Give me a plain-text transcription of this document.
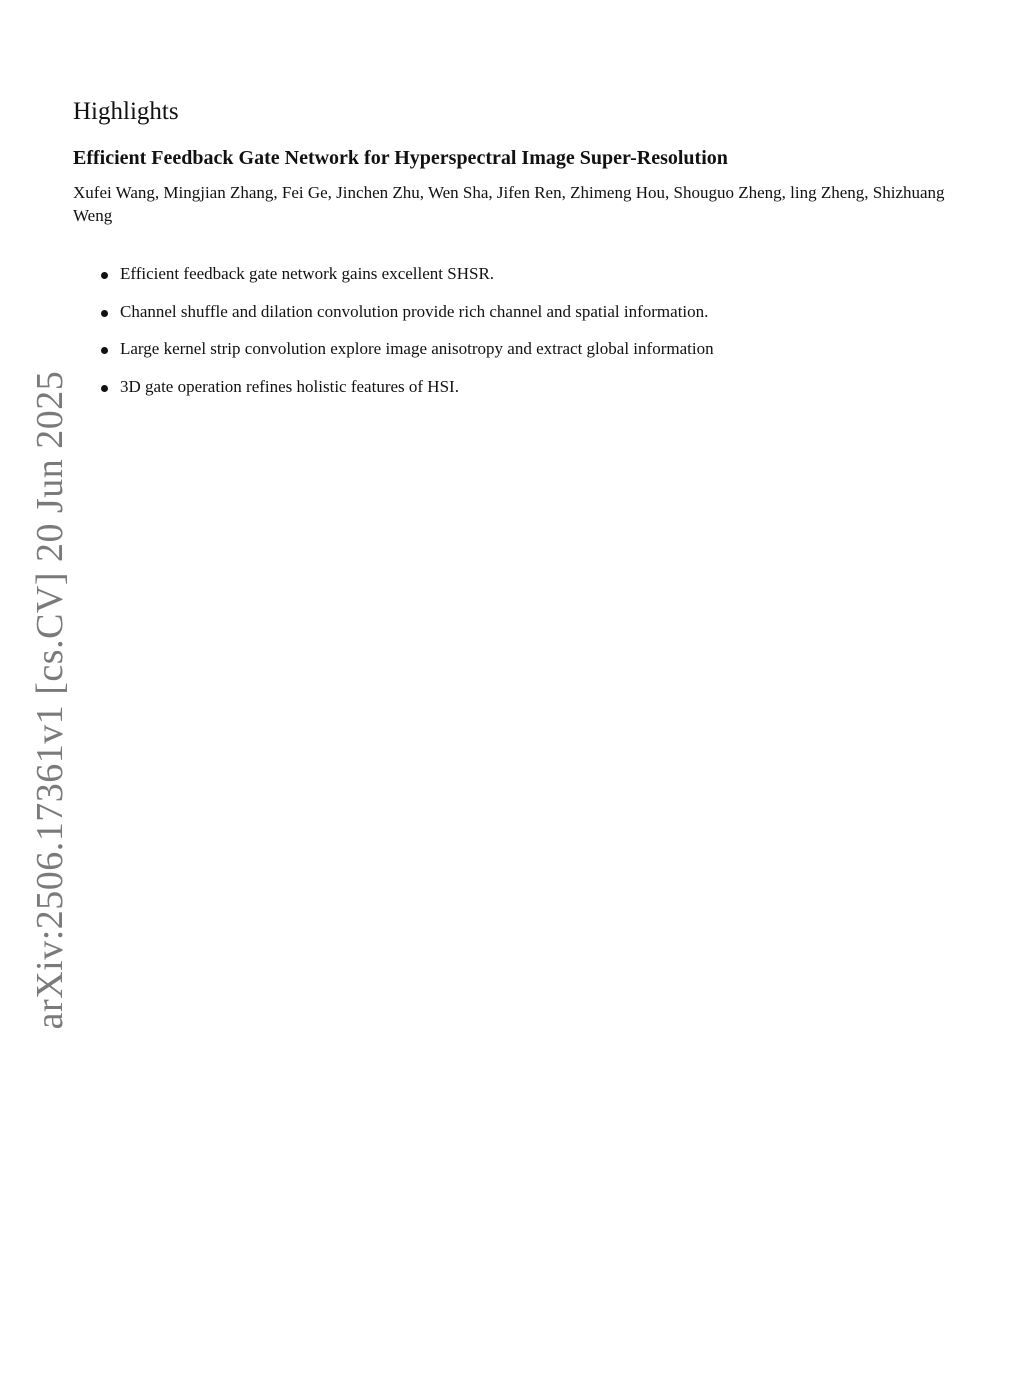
Highlights
Efficient Feedback Gate Network for Hyperspectral Image Super-Resolution

Xufei Wang, Mingjian Zhang, Fei Ge, Jinchen Zhu, Wen Sha, Jifen Ren, Zhimeng Hou, Shouguo Zheng, ling Zheng, Shizhuang Weng

Efficient feedback gate network gains excellent SHSR.
Channel shuffle and dilation convolution provide rich channel and spatial information.
Large kernel strip convolution explore image anisotropy and extract global information
3D gate operation refines holistic features of HSI.
arXiv:2506.17361v1 [cs.CV] 20 Jun 2025
